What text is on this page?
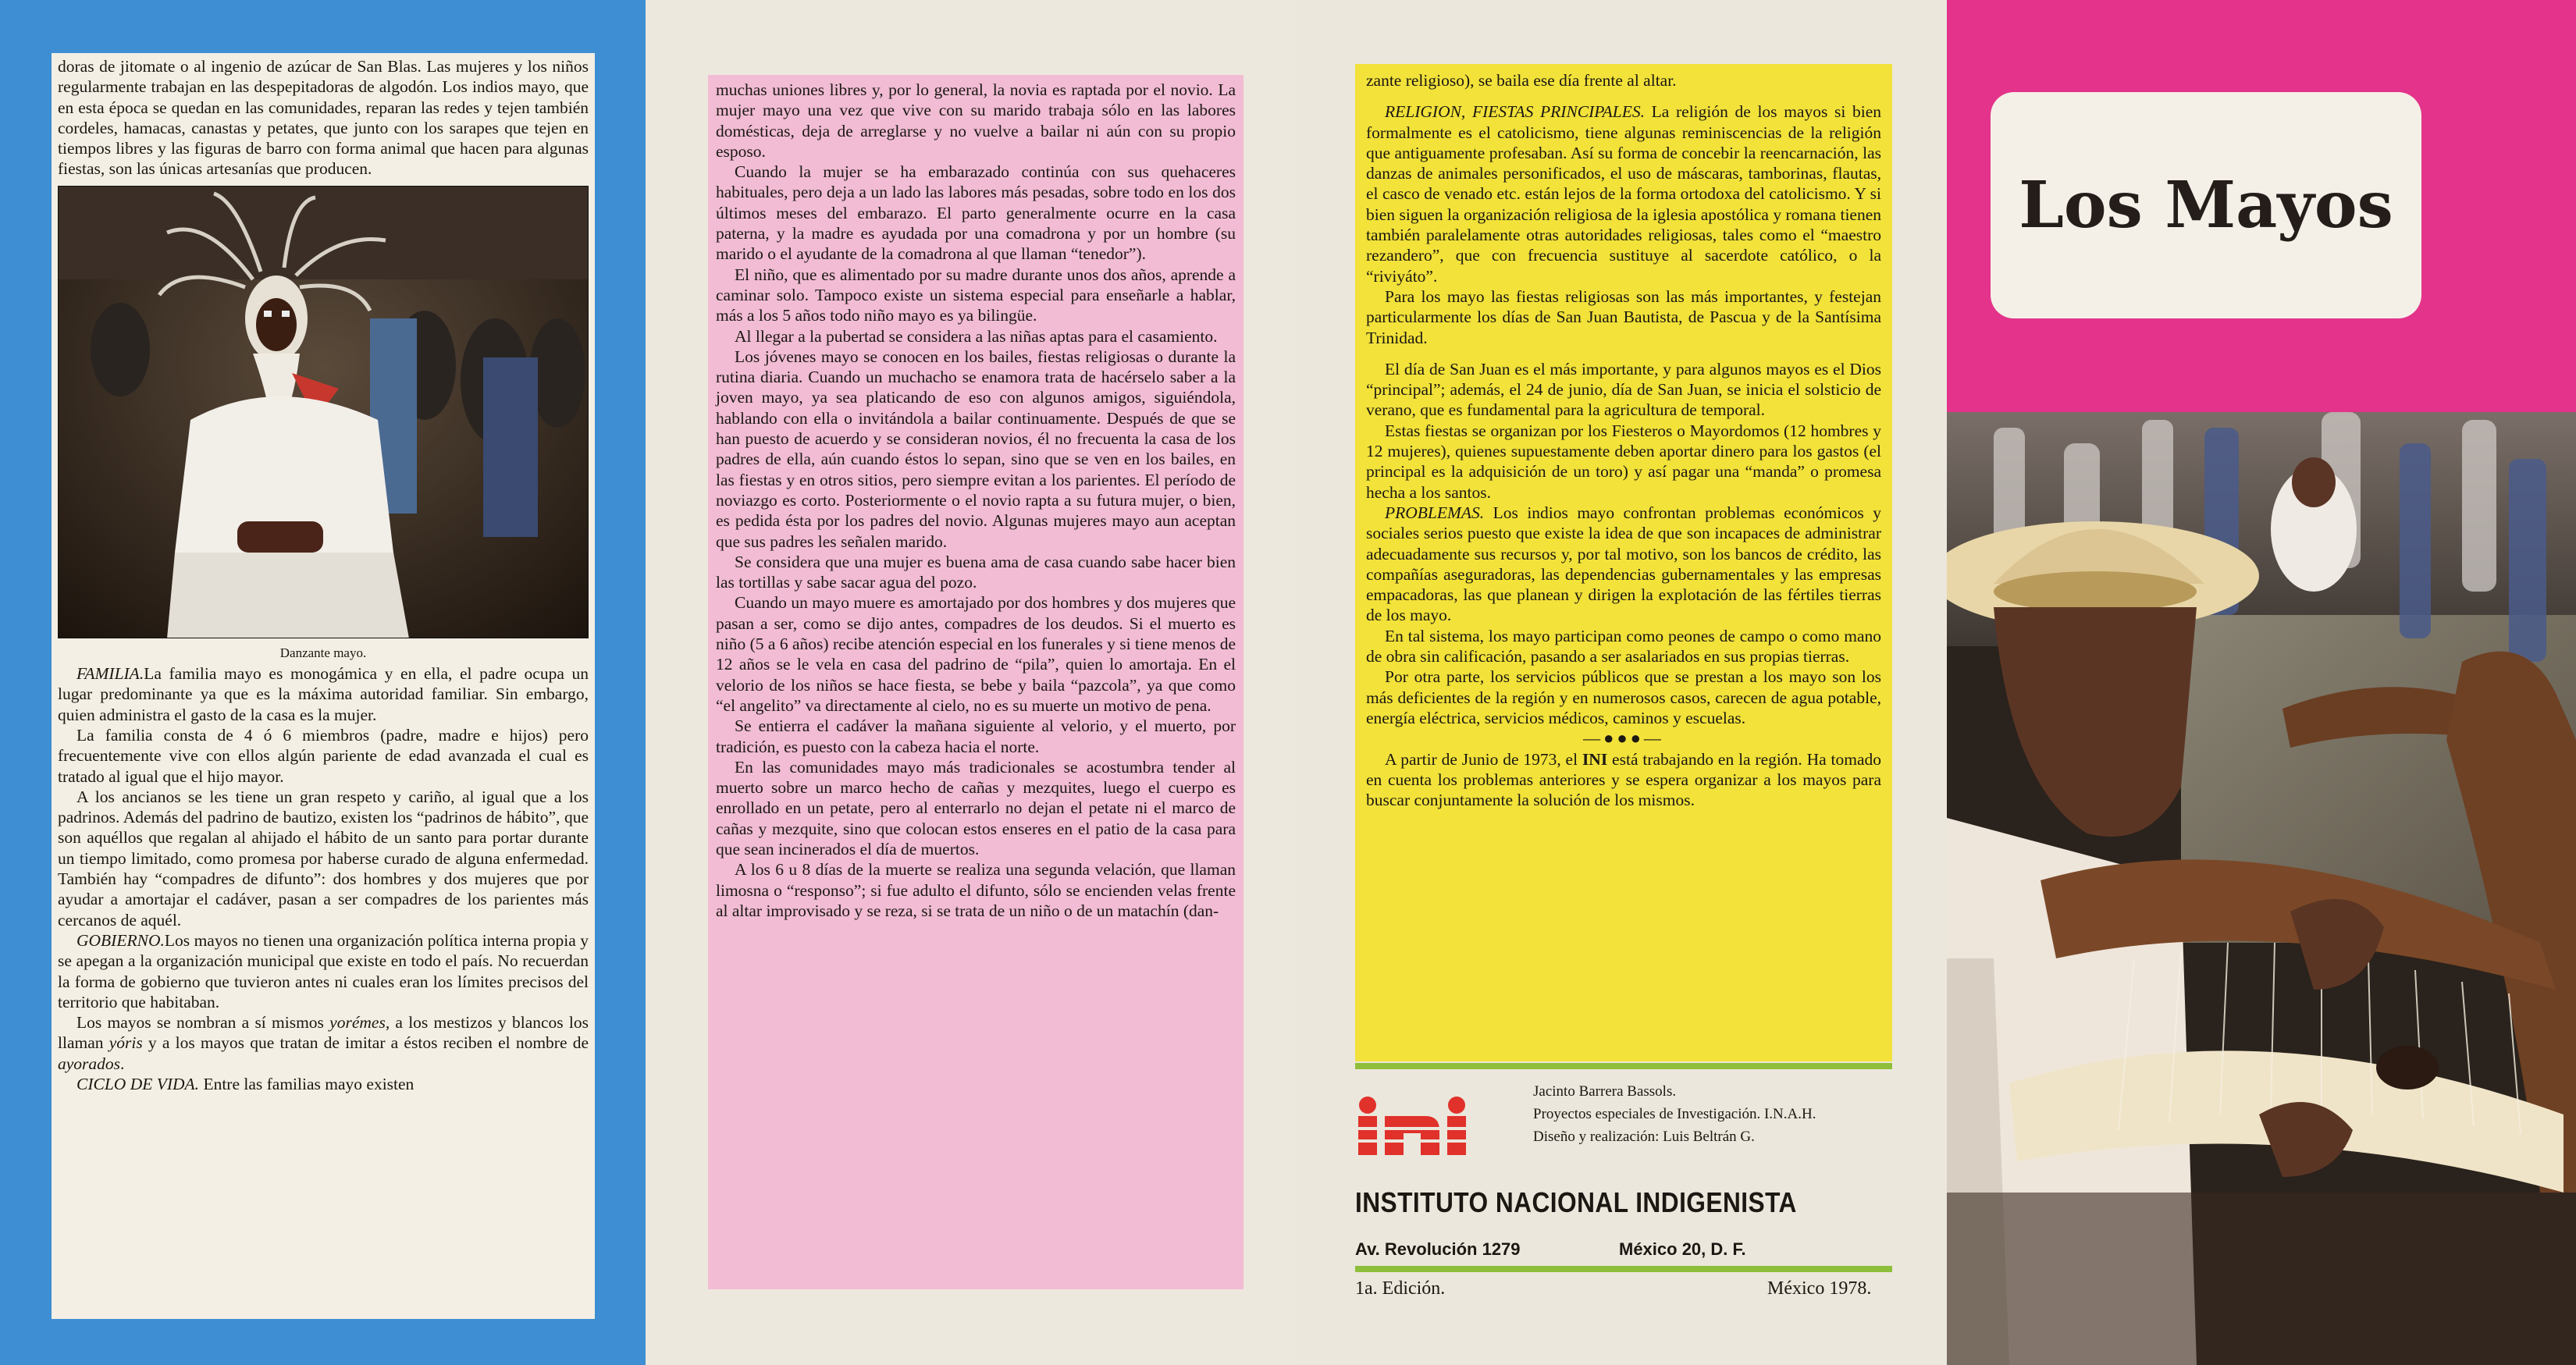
doras de jitomate o al ingenio de azúcar de San Blas. Las mujeres y los niños regularmente trabajan en las despepitadoras de algodón. Los indios mayo, que en esta época se quedan en las comunidades, reparan las redes y tejen también cordeles, hamacas, canastas y petates, que junto con los sarapes que tejen en tiempos libres y las figuras de barro con forma animal que hacen para algunas fiestas, son las únicas artesanías que producen.

Danzante mayo.

FAMILIA.La familia mayo es monogámica y en ella, el padre ocupa un lugar predominante ya que es la máxima autoridad familiar. Sin embargo, quien administra el gasto de la casa es la mujer.

La familia consta de 4 ó 6 miembros (padre, madre e hijos) pero frecuentemente vive con ellos algún pariente de edad avanzada el cual es tratado al igual que el hijo mayor.

A los ancianos se les tiene un gran respeto y cariño, al igual que a los padrinos. Además del padrino de bautizo, existen los “padrinos de hábito”, que son aquéllos que regalan al ahijado el hábito de un santo para portar durante un tiempo limitado, como promesa por haberse curado de alguna enfermedad. También hay “compadres de difunto”: dos hombres y dos mujeres que por ayudar a amortajar el cadáver, pasan a ser compadres de los parientes más cercanos de aquél.

GOBIERNO.Los mayos no tienen una organización política interna propia y se apegan a la organización municipal que existe en todo el país. No recuerdan la forma de gobierno que tuvieron antes ni cuales eran los límites precisos del territorio que habitaban.

Los mayos se nombran a sí mismos yorémes, a los mestizos y blancos los llaman yóris y a los mayos que tratan de imitar a éstos reciben el nombre de ayorados.

CICLO DE VIDA. Entre las familias mayo existen

muchas uniones libres y, por lo general, la novia es raptada por el novio. La mujer mayo una vez que vive con su marido trabaja sólo en las labores domésticas, deja de arreglarse y no vuelve a bailar ni aún con su propio esposo.

Cuando la mujer se ha embarazado continúa con sus quehaceres habituales, pero deja a un lado las labores más pesadas, sobre todo en los dos últimos meses del embarazo. El parto generalmente ocurre en la casa paterna, y la madre es ayudada por una comadrona y por un hombre (su marido o el ayudante de la comadrona al que llaman “tenedor”).

El niño, que es alimentado por su madre durante unos dos años, aprende a caminar solo. Tampoco existe un sistema especial para enseñarle a hablar, más a los 5 años todo niño mayo es ya bilingüe.

Al llegar a la pubertad se considera a las niñas aptas para el casamiento.

Los jóvenes mayo se conocen en los bailes, fiestas religiosas o durante la rutina diaria. Cuando un muchacho se enamora trata de hacérselo saber a la joven mayo, ya sea platicando de eso con algunos amigos, siguiéndola, hablando con ella o invitándola a bailar continuamente. Después de que se han puesto de acuerdo y se consideran novios, él no frecuenta la casa de los padres de ella, aún cuando éstos lo sepan, sino que se ven en los bailes, en las fiestas y en otros sitios, pero siempre evitan a los parientes. El período de noviazgo es corto. Posteriormente o el novio rapta a su futura mujer, o bien, es pedida ésta por los padres del novio. Algunas mujeres mayo aun aceptan que sus padres les señalen marido.

Se considera que una mujer es buena ama de casa cuando sabe hacer bien las tortillas y sabe sacar agua del pozo.

Cuando un mayo muere es amortajado por dos hombres y dos mujeres que pasan a ser, como se dijo antes, compadres de los deudos. Si el muerto es niño (5 a 6 años) recibe atención especial en los funerales y si tiene menos de 12 años se le vela en casa del padrino de “pila”, quien lo amortaja. En el velorio de los niños se hace fiesta, se bebe y baila “pazcola”, ya que como “el angelito” va directamente al cielo, no es su muerte un motivo de pena.

Se entierra el cadáver la mañana siguiente al velorio, y el muerto, por tradición, es puesto con la cabeza hacia el norte.

En las comunidades mayo más tradicionales se acostumbra tender al muerto sobre un marco hecho de cañas y mezquites, luego el cuerpo es enrollado en un petate, pero al enterrarlo no dejan el petate ni el marco de cañas y mezquite, sino que colocan estos enseres en el patio de la casa para que sean incinerados el día de muertos.

A los 6 u 8 días de la muerte se realiza una segunda velación, que llaman limosna o “responso”; si fue adulto el difunto, sólo se encienden velas frente al altar improvisado y se reza, si se trata de un niño o de un matachín (dan-

zante religioso), se baila ese día frente al altar.

RELIGION, FIESTAS PRINCIPALES. La religión de los mayos si bien formalmente es el catolicismo, tiene algunas reminiscencias de la religión que antiguamente profesaban. Así su forma de concebir la reencarnación, las danzas de animales personificados, el uso de máscaras, tamborinas, flautas, el casco de venado etc. están lejos de la forma ortodoxa del catolicismo. Y si bien siguen la organización religiosa de la iglesia apostólica y romana tienen también paralelamente otras autoridades religiosas, tales como el “maestro rezandero”, que con frecuencia sustituye al sacerdote católico, o la “riviyáto”.

Para los mayo las fiestas religiosas son las más importantes, y festejan particularmente los días de San Juan Bautista, de Pascua y de la Santísima Trinidad.

El día de San Juan es el más importante, y para algunos mayos es el Dios “principal”; además, el 24 de junio, día de San Juan, se inicia el solsticio de verano, que es fundamental para la agricultura de temporal.

Estas fiestas se organizan por los Fiesteros o Mayordomos (12 hombres y 12 mujeres), quienes supuestamente deben aportar dinero para los gastos (el principal es la adquisición de un toro) y así pagar una “manda” o promesa hecha a los santos.

PROBLEMAS. Los indios mayo confrontan problemas económicos y sociales serios puesto que existe la idea de que son incapaces de administrar adecuadamente sus recursos y, por tal motivo, son los bancos de crédito, las compañías aseguradoras, las dependencias gubernamentales y las empresas empacadoras, las que planean y dirigen la explotación de las fértiles tierras de los mayo.

En tal sistema, los mayo participan como peones de campo o como mano de obra sin calificación, pasando a ser asalariados en sus propias tierras.

Por otra parte, los servicios públicos que se prestan a los mayo son los más deficientes de la región y en numerosos casos, carecen de agua potable, energía eléctrica, servicios médicos, caminos y escuelas.

—●●●—

A partir de Junio de 1973, el INI está trabajando en la región. Ha tomado en cuenta los problemas anteriores y se espera organizar a los mayos para buscar conjuntamente la solución de los mismos.

Jacinto Barrera Bassols.
Proyectos especiales de Investigación. I.N.A.H.
Diseño y realización: Luis Beltrán G.
INSTITUTO NACIONAL INDIGENISTA
Av. Revolución 1279	México 20, D. F.
1a. Edición.	México 1978.
Los Mayos
